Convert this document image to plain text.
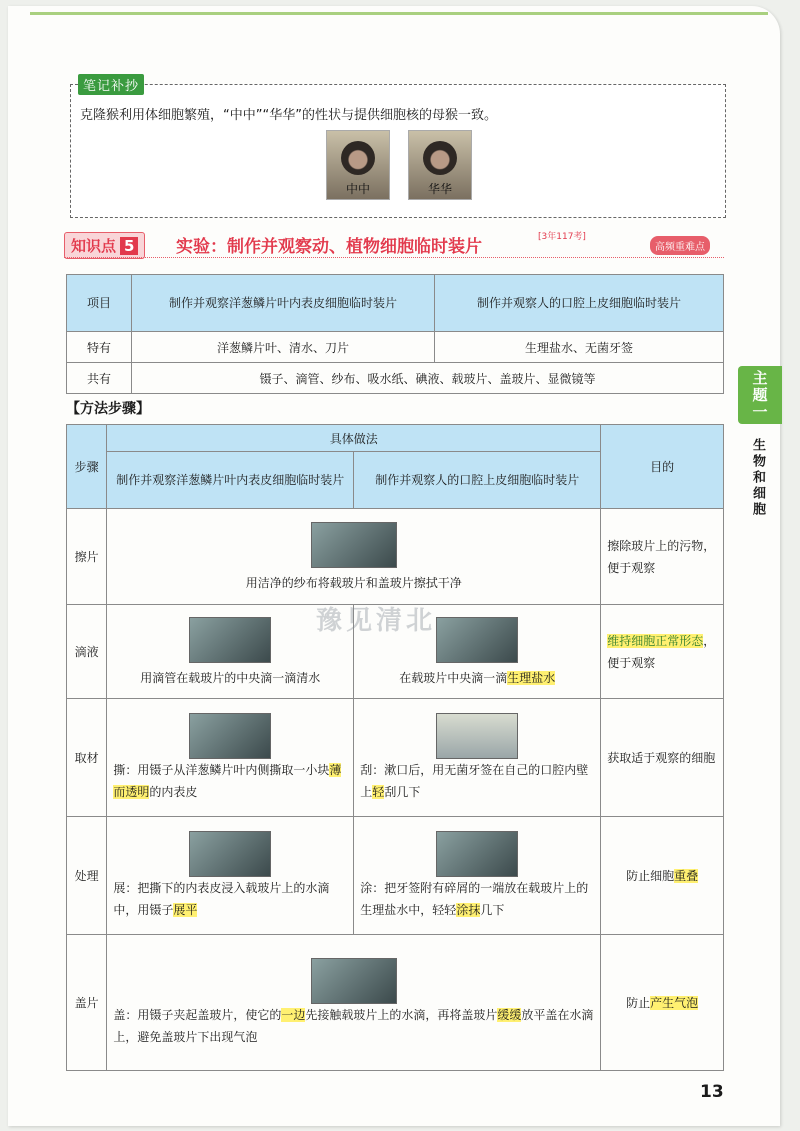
笔记补抄
克隆猴利用体细胞繁殖，“中中”“华华”的性状与提供细胞核的母猴一致。
中中	华华
知识点 5	实验：制作并观察动、植物细胞临时装片	[3年117考]
高频重难点
项目	制作并观察洋葱鳞片叶内表皮细胞临时装片	制作并观察人的口腔上皮细胞临时装片
特有	洋葱鳞片叶、清水、刀片	生理盐水、无菌牙签
共有	镊子、滴管、纱布、吸水纸、碘液、载玻片、盖玻片、显微镜等	
【方法步骤】
步骤	具体做法		目的
	制作并观察洋葱鳞片叶内表皮细胞临时装片	制作并观察人的口腔上皮细胞临时装片	
擦片	用洁净的纱布将载玻片和盖玻片擦拭干净		擦除玻片上的污物，便于观察
滴液	用滴管在载玻片的中央滴一滴清水	在载玻片中央滴一滴生理盐水	维持细胞正常形态，便于观察
取材	撕：用镊子从洋葱鳞片叶内侧撕取一小块薄而透明的内表皮	刮：漱口后，用无菌牙签在自己的口腔内壁上轻刮几下	获取适于观察的细胞
处理	展：把撕下的内表皮浸入载玻片上的水滴中，用镊子展平	涂：把牙签附有碎屑的一端放在载玻片上的生理盐水中，轻轻涂抹几下	防止细胞重叠
盖片	盖：用镊子夹起盖玻片，使它的一边先接触载玻片上的水滴，再将盖玻片缓缓放平盖在水滴上，避免盖玻片下出现气泡		防止产生气泡
豫见清北
主题一
生物和细胞
13
